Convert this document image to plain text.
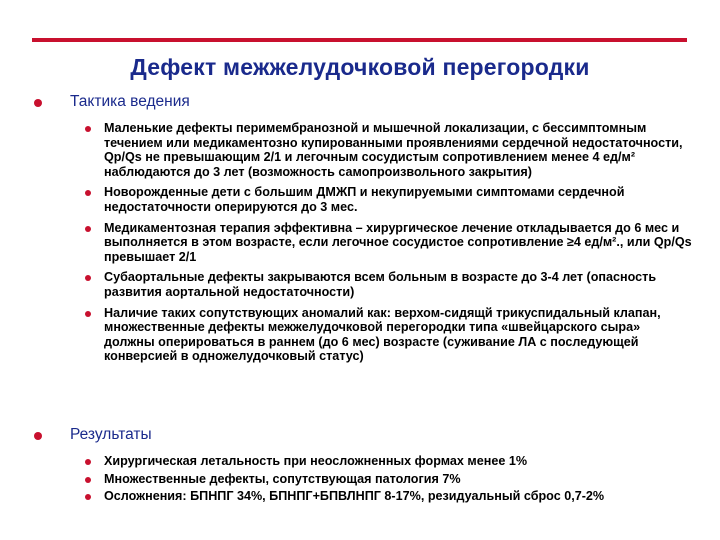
Дефект межжелудочковой перегородки
Тактика ведения
Маленькие дефекты перимембранозной и мышечной локализации, с бессимптомным течением или медикаментозно купированными проявлениями сердечной недостаточности, Qp/Qs не превышающим 2/1 и легочным сосудистым сопротивлением менее 4 ед/м² наблюдаются до 3 лет (возможность самопроизвольного закрытия)
Новорожденные дети с большим ДМЖП и некупируемыми симптомами сердечной недостаточности оперируются до 3 мес.
Медикаментозная терапия эффективна – хирургическое лечение откладывается до 6 мес и выполняется в этом возрасте, если легочное сосудистое сопротивление ≥4 ед/м²., или Qp/Qs превышает 2/1
Субаортальные дефекты закрываются всем больным в возрасте до 3-4 лет (опасность развития аортальной недостаточности)
Наличие таких сопутствующих аномалий как: верхом-сидящй трикуспидальный клапан, множественные дефекты межжелудочковой перегородки типа «швейцарского сыра» должны оперироваться в раннем (до 6 мес) возрасте (суживание ЛА с последующей конверсией в одножелудочковый статус)
Результаты
Хирургическая летальность при неосложненных формах менее 1%
Множественные дефекты, сопутствующая патология 7%
Осложнения: БПНПГ 34%, БПНПГ+БПВЛНПГ 8-17%, резидуальный сброс 0,7-2%
